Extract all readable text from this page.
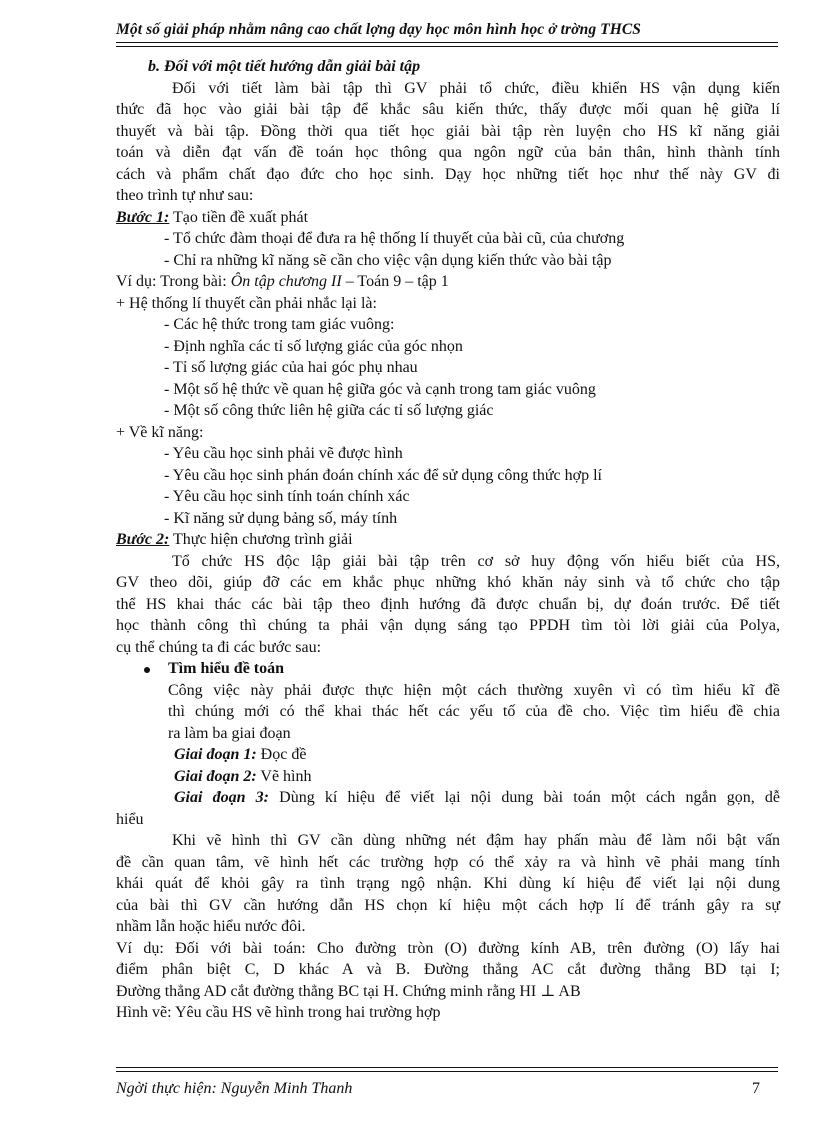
Một số giải pháp nhằm nâng cao chất lợng dạy học môn hình học ở trờng THCS
b. Đối với một tiết hướng dẫn giải bài tập
Đối với tiết làm bài tập thì GV phải tổ chức, điều khiển HS vận dụng kiến
thức đã học vào giải bài tập để khắc sâu kiến thức, thấy được mối quan hệ giữa lí
thuyết và bài tập. Đồng thời qua tiết học giải bài tập rèn luyện cho HS kĩ năng giải
toán và diễn đạt vấn đề toán học thông qua ngôn ngữ của bản thân, hình thành tính
cách và phẩm chất đạo đức cho học sinh. Dạy học những tiết học như thế này GV đi
theo trình tự như sau:
Bước 1: Tạo tiền đề xuất phát
- Tổ chức đàm thoại để đưa ra hệ thống lí thuyết của bài cũ, của chương
- Chỉ ra những kĩ năng sẽ cần cho việc vận dụng kiến thức vào bài tập
Ví dụ: Trong bài: Ôn tập chương II – Toán 9 – tập 1
+ Hệ thống lí thuyết cần phải nhắc lại là:
- Các hệ thức trong tam giác vuông:
- Định nghĩa các tỉ số lượng giác của góc nhọn
- Tỉ số lượng giác của hai góc phụ nhau
- Một số hệ thức về quan hệ giữa góc và cạnh trong tam giác vuông
- Một số công thức liên hệ giữa các tỉ số lượng giác
+ Về kĩ năng:
- Yêu cầu học sinh phải vẽ được hình
- Yêu cầu học sinh phán đoán chính xác để sử dụng công thức hợp lí
- Yêu cầu học sinh tính toán chính xác
- Kĩ năng sử dụng bảng số, máy tính
Bước 2: Thực hiện chương trình giải
Tổ chức HS độc lập giải bài tập trên cơ sở huy động vốn hiểu biết của HS,
GV theo dõi, giúp đỡ các em khắc phục những khó khăn nảy sinh và tổ chức cho tập
thể HS khai thác các bài tập theo định hướng đã được chuẩn bị, dự đoán trước. Để tiết
học thành công thì chúng ta phải vận dụng sáng tạo PPDH tìm tòi lời giải của Polya,
cụ thể chúng ta đi các bước sau:
Tìm hiểu đề toán
Công việc này phải được thực hiện một cách thường xuyên vì có tìm hiểu kĩ đề
thì chúng mới có thể khai thác hết các yếu tố của đề cho. Việc tìm hiểu đề chia
ra làm ba giai đoạn
Giai đoạn 1: Đọc đề
Giai đoạn 2: Vẽ hình
Giai đoạn 3: Dùng kí hiệu để viết lại nội dung bài toán một cách ngắn gọn, dễ
hiểu
Khi vẽ hình thì GV cần dùng những nét đậm hay phấn màu để làm nổi bật vấn
đề cần quan tâm, vẽ hình hết các trường hợp có thể xảy ra và hình vẽ phải mang tính
khái quát để khỏi gây ra tình trạng ngộ nhận. Khi dùng kí hiệu để viết lại nội dung
của bài thì GV cần hướng dẫn HS chọn kí hiệu một cách hợp lí để tránh gây ra sự
nhầm lẫn hoặc hiểu nước đôi.
Ví dụ: Đối với bài toán: Cho đường tròn (O) đường kính AB, trên đường (O) lấy hai
điểm phân biệt C, D khác A và B. Đường thẳng AC cắt đường thẳng BD tại I;
Đường thẳng AD cắt đường thẳng BC tại H. Chứng minh rằng HI ⊥ AB
Hình vẽ: Yêu cầu HS vẽ hình trong hai trường hợp
Ngời thực hiện: Nguyễn Minh Thanh	7
